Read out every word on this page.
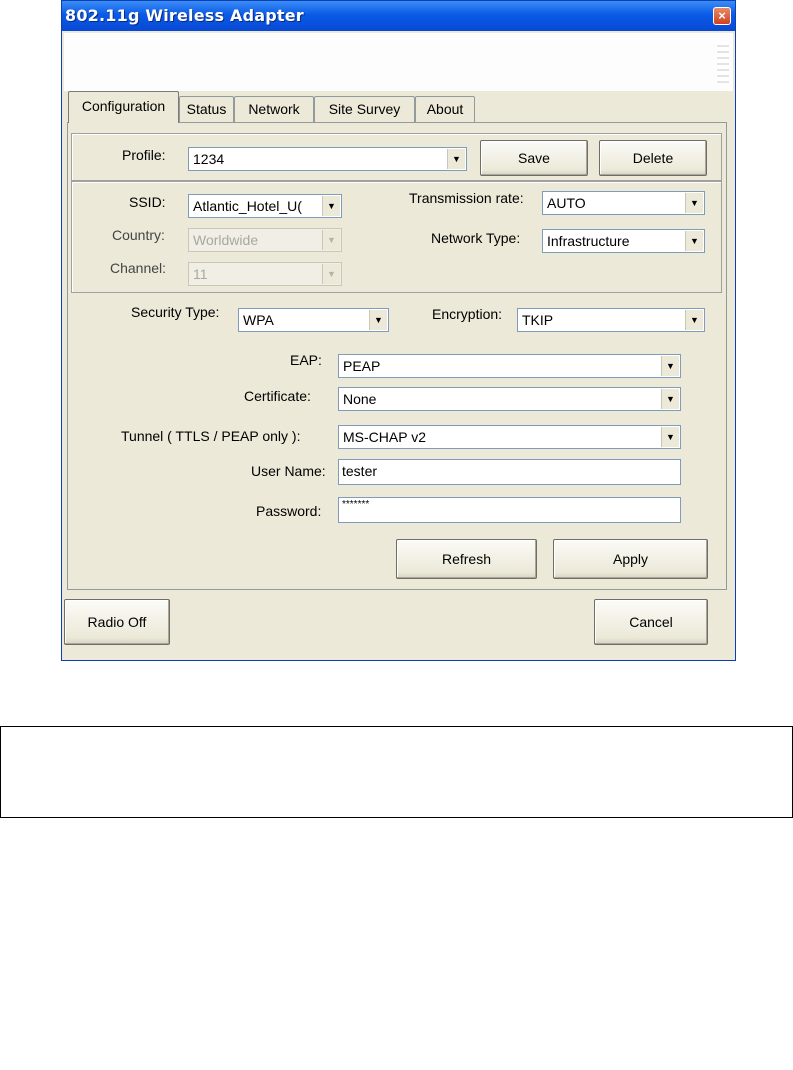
802.11g Wireless Adapter	×
Configuration	Status	Network	Site Survey	About
Profile:	1234	▼	Save	Delete
SSID:	Atlantic_Hotel_U(	▼
Country:	Worldwide	▼
Channel:	11	▼
Transmission rate:	AUTO	▼
Network Type:	Infrastructure	▼
Security Type:	WPA	▼	Encryption:	TKIP	▼
EAP:	PEAP	▼
Certificate:	None	▼
Tunnel ( TTLS / PEAP only ):	MS-CHAP v2	▼
User Name: tester
Password:	*******
Refresh	Apply
Radio Off	Cancel
